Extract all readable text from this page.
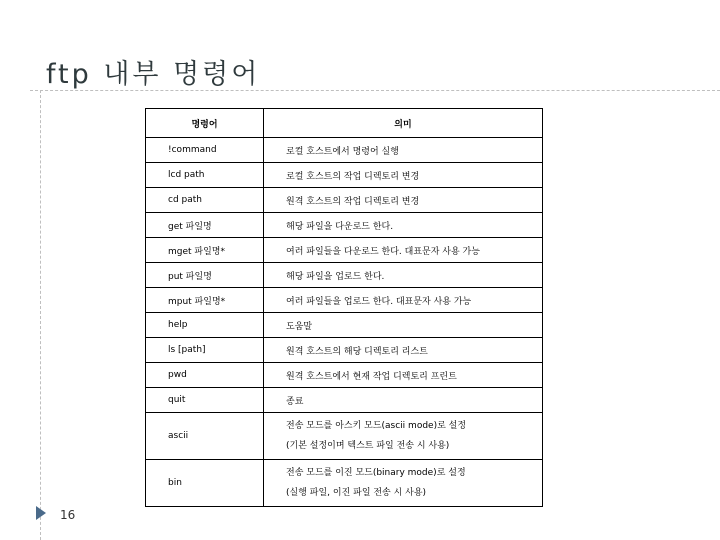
ftp 내부 명령어
명령어	의미
!command	로컬 호스트에서 명령어 실행
lcd path	로컬 호스트의 작업 디렉토리 변경
cd path	원격 호스트의 작업 디렉토리 변경
get 파일명	해당 파일을 다운로드 한다.
mget 파일명*	여러 파일들을 다운로드 한다. 대표문자 사용 가능
put 파일명	해당 파일을 업로드 한다.
mput 파일명*	여러 파일들을 업로드 한다. 대표문자 사용 가능
help	도움말
ls [path]	원격 호스트의 해당 디렉토리 리스트
pwd	원격 호스트에서 현재 작업 디렉토리 프린트
quit	종료
ascii	전송 모드를 아스키 모드(ascii mode)로 설정
(기본 설정이며 텍스트 파일 전송 시 사용)

bin	전송 모드를 이진 모드(binary mode)로 설정
(실행 파일, 이진 파일 전송 시 사용)
16
